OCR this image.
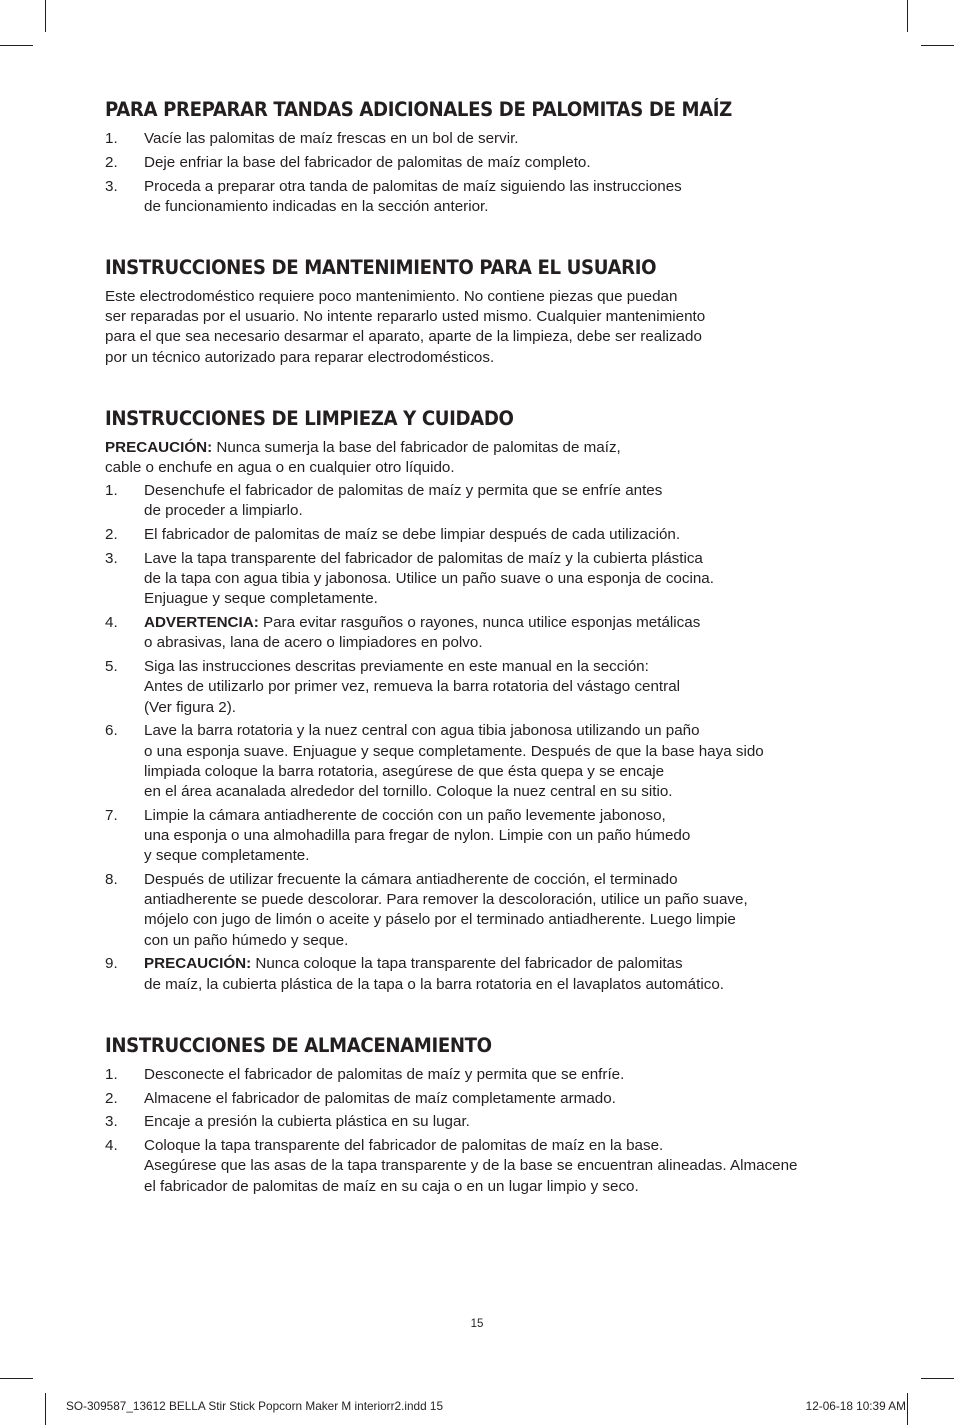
PARA PREPARAR TANDAS ADICIONALES DE PALOMITAS DE MAÍZ
1. Vacíe las palomitas de maíz frescas en un bol de servir.
2. Deje enfriar la base del fabricador de palomitas de maíz completo.
3. Proceda a preparar otra tanda de palomitas de maíz siguiendo las instrucciones
de funcionamiento indicadas en la sección anterior.
INSTRUCCIONES DE MANTENIMIENTO PARA EL USUARIO

Este electrodoméstico requiere poco mantenimiento. No contiene piezas que puedan
ser reparadas por el usuario. No intente repararlo usted mismo. Cualquier mantenimiento
para el que sea necesario desarmar el aparato, aparte de la limpieza, debe ser realizado
por un técnico autorizado para reparar electrodomésticos.

INSTRUCCIONES DE LIMPIEZA Y CUIDADO

PRECAUCIÓN: Nunca sumerja la base del fabricador de palomitas de maíz,
cable o enchufe en agua o en cualquier otro líquido.

1. Desenchufe el fabricador de palomitas de maíz y permita que se enfríe antes
de proceder a limpiarlo.
2. El fabricador de palomitas de maíz se debe limpiar después de cada utilización.
3. Lave la tapa transparente del fabricador de palomitas de maíz y la cubierta plástica
de la tapa con agua tibia y jabonosa. Utilice un paño suave o una esponja de cocina.
Enjuague y seque completamente.
4. ADVERTENCIA: Para evitar rasguños o rayones, nunca utilice esponjas metálicas
o abrasivas, lana de acero o limpiadores en polvo.
5. Siga las instrucciones descritas previamente en este manual en la sección:
Antes de utilizarlo por primer vez, remueva la barra rotatoria del vástago central
(Ver figura 2).
6. Lave la barra rotatoria y la nuez central con agua tibia jabonosa utilizando un paño
o una esponja suave. Enjuague y seque completamente. Después de que la base haya sido
limpiada coloque la barra rotatoria, asegúrese de que ésta quepa y se encaje
en el área acanalada alrededor del tornillo. Coloque la nuez central en su sitio.
7. Limpie la cámara antiadherente de cocción con un paño levemente jabonoso,
una esponja o una almohadilla para fregar de nylon. Limpie con un paño húmedo
y seque completamente.
8. Después de utilizar frecuente la cámara antiadherente de cocción, el terminado
antiadherente se puede descolorar. Para remover la descoloración, utilice un paño suave,
mójelo con jugo de limón o aceite y páselo por el terminado antiadherente. Luego limpie
con un paño húmedo y seque.
9. PRECAUCIÓN: Nunca coloque la tapa transparente del fabricador de palomitas
de maíz, la cubierta plástica de la tapa o la barra rotatoria en el lavaplatos automático.
INSTRUCCIONES DE ALMACENAMIENTO
1. Desconecte el fabricador de palomitas de maíz y permita que se enfríe.
2. Almacene el fabricador de palomitas de maíz completamente armado.
3. Encaje a presión la cubierta plástica en su lugar.
4. Coloque la tapa transparente del fabricador de palomitas de maíz en la base.
Asegúrese que las asas de la tapa transparente y de la base se encuentran alineadas. Almacene
el fabricador de palomitas de maíz en su caja o en un lugar limpio y seco.
15
SO-309587_13612 BELLA Stir Stick Popcorn Maker M interiorr2.indd 15	12-06-18 10:39 AM
